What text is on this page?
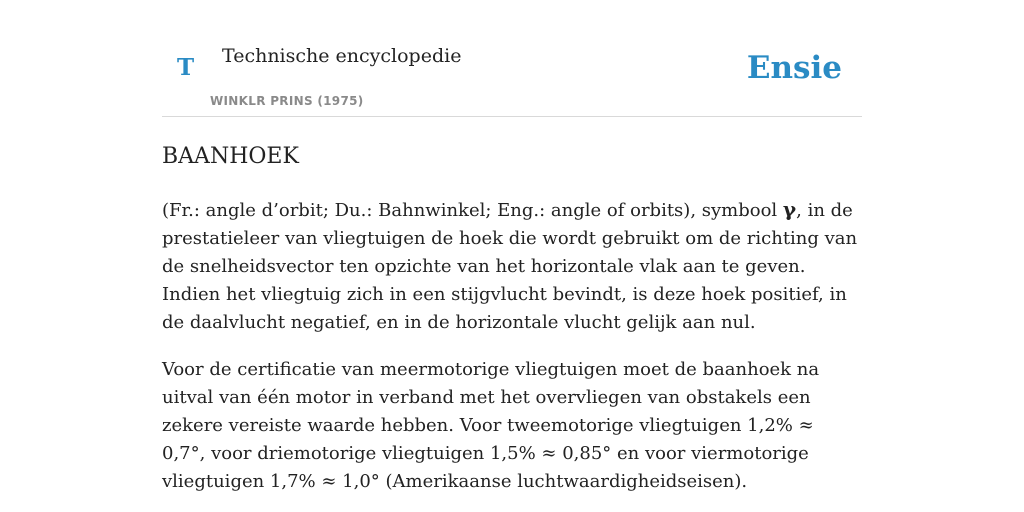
T Technische encyclopedie
WINKLR PRINS (1975)
Ensie
BAANHOEK

(Fr.: angle d’orbit; Du.: Bahnwinkel; Eng.: angle of orbits), symbool γ, in de prestatieleer van vliegtuigen de hoek die wordt gebruikt om de richting van de snelheidsvector ten opzichte van het horizontale vlak aan te geven. Indien het vliegtuig zich in een stijgvlucht bevindt, is deze hoek positief, in de daalvlucht negatief, en in de horizontale vlucht gelijk aan nul.

Voor de certificatie van meermotorige vliegtuigen moet de baanhoek na uitval van één motor in verband met het overvliegen van obstakels een zekere vereiste waarde hebben. Voor tweemotorige vliegtuigen 1,2% ≈ 0,7°, voor driemotorige vliegtuigen 1,5% ≈ 0,85° en voor viermotorige vliegtuigen 1,7% ≈ 1,0° (Amerikaanse luchtwaardigheidseisen).
